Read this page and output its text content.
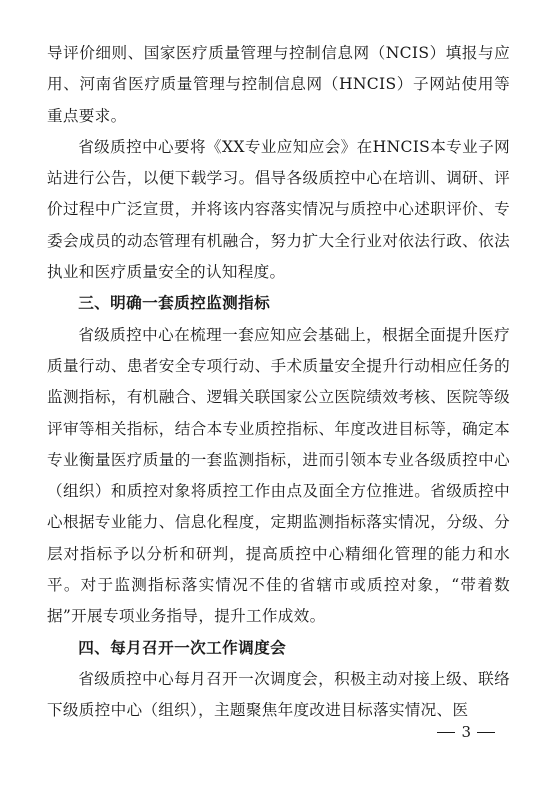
导评价细则、国家医疗质量管理与控制信息网（NCIS）填报与应用、河南省医疗质量管理与控制信息网（HNCIS）子网站使用等重点要求。

省级质控中心要将《XX专业应知应会》在HNCIS本专业子网站进行公告，以便下载学习。倡导各级质控中心在培训、调研、评价过程中广泛宣贯，并将该内容落实情况与质控中心述职评价、专委会成员的动态管理有机融合，努力扩大全行业对依法行政、依法执业和医疗质量安全的认知程度。

三、明确一套质控监测指标

省级质控中心在梳理一套应知应会基础上，根据全面提升医疗质量行动、患者安全专项行动、手术质量安全提升行动相应任务的监测指标，有机融合、逻辑关联国家公立医院绩效考核、医院等级评审等相关指标，结合本专业质控指标、年度改进目标等，确定本专业衡量医疗质量的一套监测指标，进而引领本专业各级质控中心（组织）和质控对象将质控工作由点及面全方位推进。省级质控中心根据专业能力、信息化程度，定期监测指标落实情况，分级、分层对指标予以分析和研判，提高质控中心精细化管理的能力和水平。对于监测指标落实情况不佳的省辖市或质控对象，“带着数据”开展专项业务指导，提升工作成效。

四、每月召开一次工作调度会

省级质控中心每月召开一次调度会，积极主动对接上级、联络下级质控中心（组织），主题聚焦年度改进目标落实情况、医

3
